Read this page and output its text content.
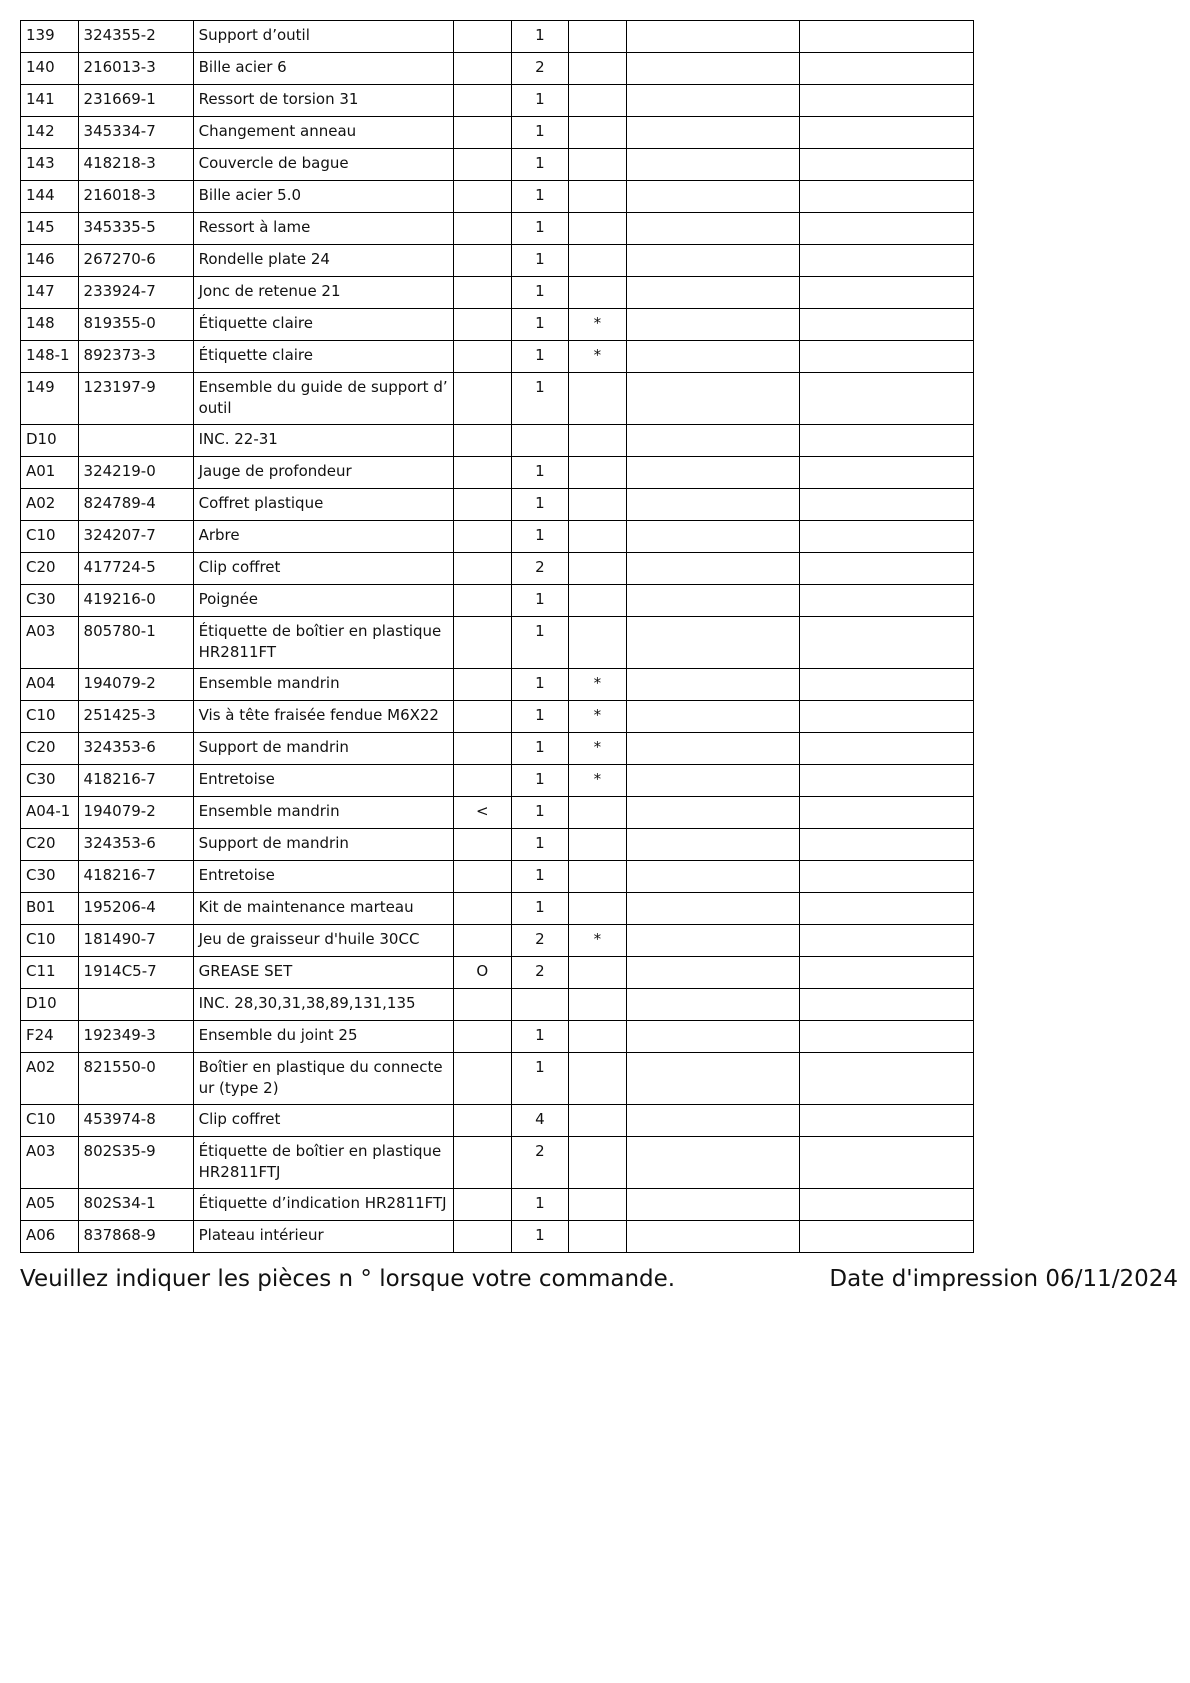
139	324355-2	Support d’outil		1			
140	216013-3	Bille acier 6		2			
141	231669-1	Ressort de torsion 31		1			
142	345334-7	Changement anneau		1			
143	418218-3	Couvercle de bague		1			
144	216018-3	Bille acier 5.0		1			
145	345335-5	Ressort à lame		1			
146	267270-6	Rondelle plate 24		1			
147	233924-7	Jonc de retenue 21		1			
148	819355-0	Étiquette claire		1	*		
148-1	892373-3	Étiquette claire		1	*		
149	123197-9	Ensemble du guide de support d’ outil		1			
D10		INC. 22-31					
A01	324219-0	Jauge de profondeur		1			
A02	824789-4	Coffret plastique		1			
C10	324207-7	Arbre		1			
C20	417724-5	Clip coffret		2			
C30	419216-0	Poignée		1			
A03	805780-1	Étiquette de boîtier en plastique HR2811FT		1			
A04	194079-2	Ensemble mandrin		1	*		
C10	251425-3	Vis à tête fraisée fendue M6X22		1	*		
C20	324353-6	Support de mandrin		1	*		
C30	418216-7	Entretoise		1	*		
A04-1	194079-2	Ensemble mandrin	<	1			
C20	324353-6	Support de mandrin		1			
C30	418216-7	Entretoise		1			
B01	195206-4	Kit de maintenance marteau		1			
C10	181490-7	Jeu de graisseur d'huile 30CC		2	*		
C11	1914C5-7	GREASE SET	O	2			
D10		INC. 28,30,31,38,89,131,135					
F24	192349-3	Ensemble du joint 25		1			
A02	821550-0	Boîtier en plastique du connecte ur (type 2)		1			
C10	453974-8	Clip coffret		4			
A03	802S35-9	Étiquette de boîtier en plastique HR2811FTJ		2			
A05	802S34-1	Étiquette d’indication HR2811FTJ		1			
A06	837868-9	Plateau intérieur		1			
Veuillez indiquer les pièces n ° lorsque votre commande.	Date d'impression 06/11/2024
